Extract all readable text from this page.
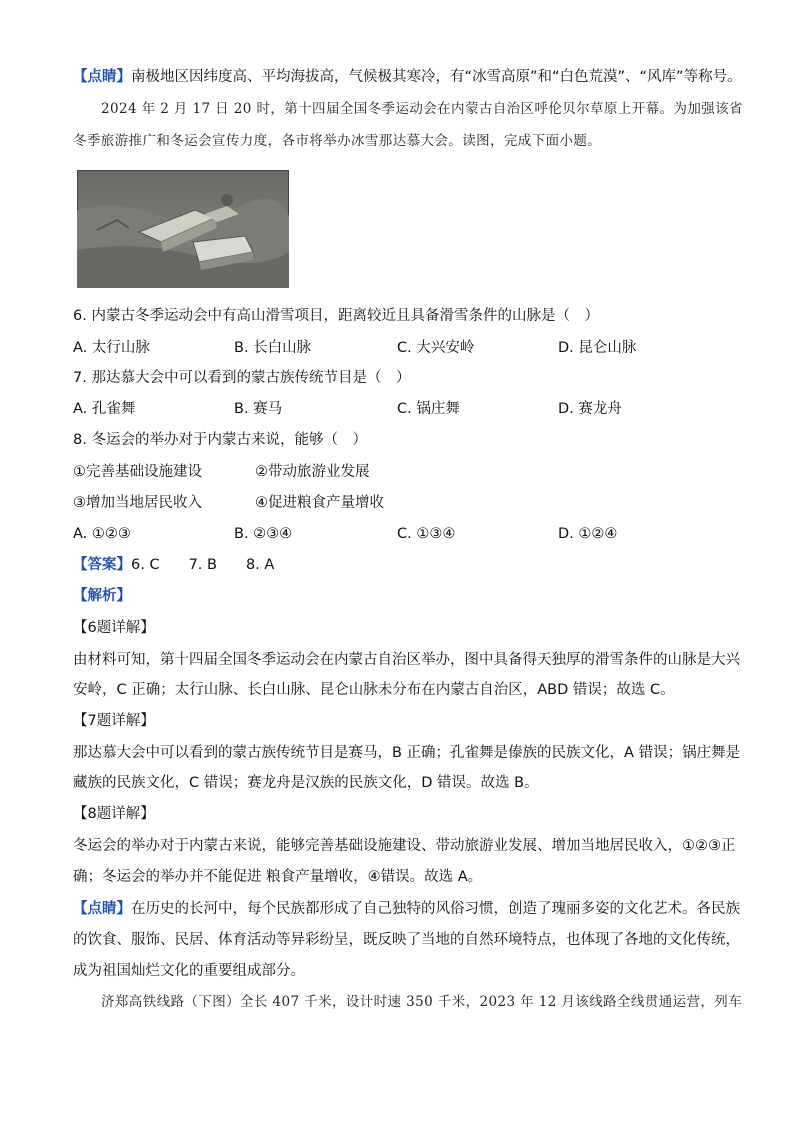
【点睛】南极地区因纬度高、平均海拔高，气候极其寒冷，有“冰雪高原”和“白色荒漠”、“风库”等称号。
2024 年 2 月 17 日 20 时，第十四届全国冬季运动会在内蒙古自治区呼伦贝尔草原上开幕。为加强该省
冬季旅游推广和冬运会宣传力度，各市将举办冰雪那达慕大会。读图，完成下面小题。
6. 内蒙古冬季运动会中有高山滑雪项目，距离较近且具备滑雪条件的山脉是（　）
A. 太行山脉	B. 长白山脉	C. 大兴安岭	D. 昆仑山脉
7. 那达慕大会中可以看到的蒙古族传统节目是（　）
A. 孔雀舞	B. 赛马	C. 锅庄舞	D. 赛龙舟
8. 冬运会的举办对于内蒙古来说，能够（　）
①完善基础设施建设	②带动旅游业发展
③增加当地居民收入	④促进粮食产量增收
A. ①②③	B. ②③④	C. ①③④	D. ①②④
【答案】6. C　　7. B　　8. A
【解析】
【6题详解】
由材料可知，第十四届全国冬季运动会在内蒙古自治区举办，图中具备得天独厚的滑雪条件的山脉是大兴
安岭，C 正确；太行山脉、长白山脉、昆仑山脉未分布在内蒙古自治区，ABD 错误；故选 C。
【7题详解】
那达慕大会中可以看到的蒙古族传统节目是赛马，B 正确；孔雀舞是傣族的民族文化，A 错误；锅庄舞是
藏族的民族文化，C 错误；赛龙舟是汉族的民族文化，D 错误。故选 B。
【8题详解】
冬运会的举办对于内蒙古来说，能够完善基础设施建设、带动旅游业发展、增加当地居民收入，①②③正
确；冬运会的举办并不能促进 粮食产量增收，④错误。故选 A。
【点睛】在历史的长河中，每个民族都形成了自己独特的风俗习惯，创造了瑰丽多姿的文化艺术。各民族
的饮食、服饰、民居、体育活动等异彩纷呈，既反映了当地的自然环境特点，也体现了各地的文化传统，
成为祖国灿烂文化的重要组成部分。
济郑高铁线路（下图）全长 407 千米，设计时速 350 千米，2023 年 12 月该线路全线贯通运营，列车
